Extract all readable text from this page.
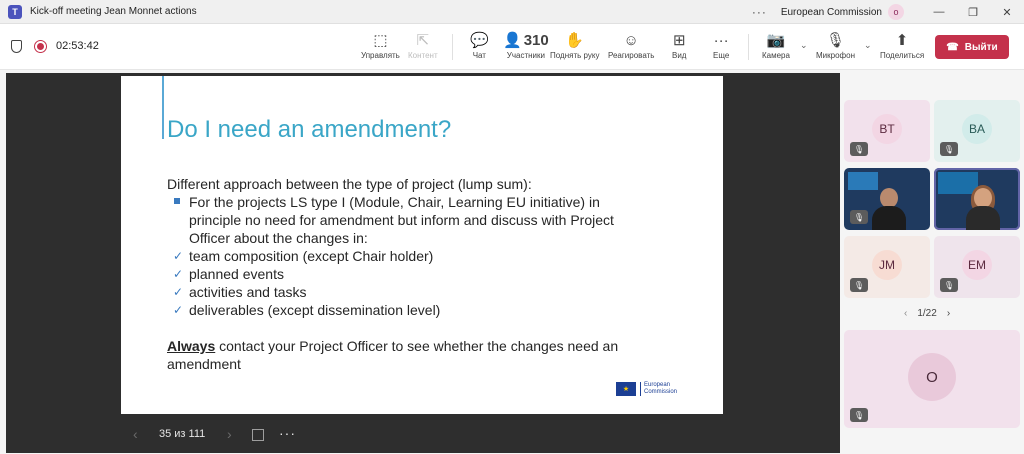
T	Kick-off meeting Jean Monnet actions	··· European Commission	o	—	❐	✕
02:53:42	⬚
Управлять
⇱
Контент
💬
Чат
👤 310
Участники
✋
Поднять руку
☺
Реагировать
⊞
Вид
···
Еще
📷
Камера
⌄ 🎙
Микрофон
⌄ ⬆
Поделиться
☎ Выйти
Do I need an amendment?

Different approach between the type of project (lump sum):

For the projects LS type I (Module, Chair, Learning EU initiative) in

principle no need for amendment but inform and discuss with Project

Officer about the changes in:

✓ team composition (except Chair holder)

✓ planned events

✓ activities and tasks

✓ deliverables (except dissemination level)

Always contact your Project Officer to see whether the changes need an

amendment

★
European
Commission
‹ 35 из 111 ›	···
BT
🎙
BA
🎙
🎙
JM
🎙
EM
🎙
‹ 1/22 ›
O
🎙
